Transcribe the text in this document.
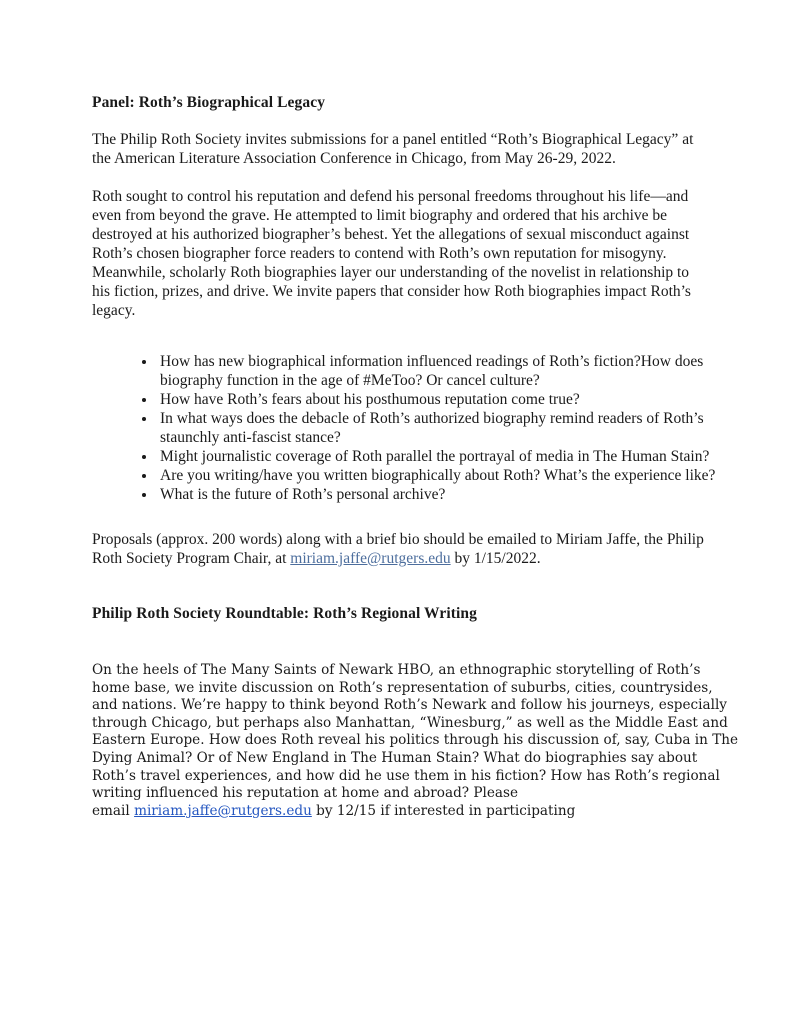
Panel: Roth’s Biographical Legacy

The Philip Roth Society invites submissions for a panel entitled “Roth’s Biographical Legacy” at the American Literature Association Conference in Chicago, from May 26-29, 2022.

Roth sought to control his reputation and defend his personal freedoms throughout his life—and even from beyond the grave. He attempted to limit biography and ordered that his archive be destroyed at his authorized biographer’s behest. Yet the allegations of sexual misconduct against Roth’s chosen biographer force readers to contend with Roth’s own reputation for misogyny. Meanwhile, scholarly Roth biographies layer our understanding of the novelist in relationship to his fiction, prizes, and drive. We invite papers that consider how Roth biographies impact Roth’s legacy.

• How has new biographical information influenced readings of Roth’s fiction?How does biography function in the age of #MeToo? Or cancel culture?
• How have Roth’s fears about his posthumous reputation come true?
• In what ways does the debacle of Roth’s authorized biography remind readers of Roth’s staunchly anti-fascist stance?
• Might journalistic coverage of Roth parallel the portrayal of media in The Human Stain?
• Are you writing/have you written biographically about Roth? What’s the experience like?
• What is the future of Roth’s personal archive?

Proposals (approx. 200 words) along with a brief bio should be emailed to Miriam Jaffe, the Philip Roth Society Program Chair, at miriam.jaffe@rutgers.edu by 1/15/2022.

Philip Roth Society Roundtable: Roth’s Regional Writing

On the heels of The Many Saints of Newark HBO, an ethnographic storytelling of Roth’s home base, we invite discussion on Roth’s representation of suburbs, cities, countrysides, and nations. We’re happy to think beyond Roth’s Newark and follow his journeys, especially through Chicago, but perhaps also Manhattan, “Winesburg,” as well as the Middle East and Eastern Europe. How does Roth reveal his politics through his discussion of, say, Cuba in The Dying Animal? Or of New England in The Human Stain? What do biographies say about Roth’s travel experiences, and how did he use them in his fiction? How has Roth’s regional writing influenced his reputation at home and abroad? Please
email miriam.jaffe@rutgers.edu by 12/15 if interested in participating
